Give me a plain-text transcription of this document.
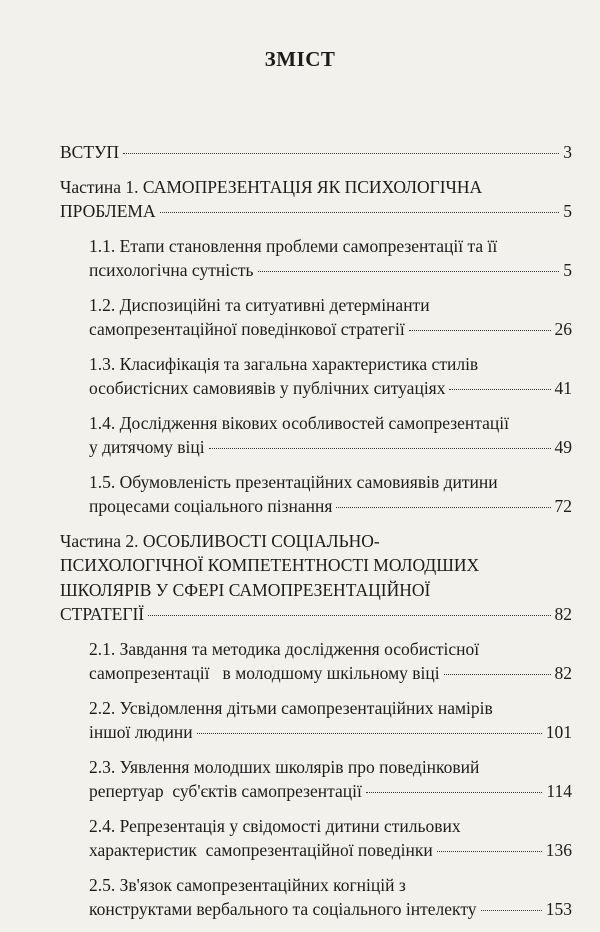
ЗМІСТ
ВСТУП	3
Частина 1. САМОПРЕЗЕНТАЦІЯ ЯК ПСИХОЛОГІЧНА
ПРОБЛЕМА	5
1.1. Етапи становлення проблеми самопрезентації та її
психологічна сутність	5
1.2. Диспозиційні та ситуативні детермінанти
самопрезентаційної поведінкової стратегії	26
1.3. Класифікація та загальна характеристика стилів
особистісних самовиявів у публічних ситуаціях	41
1.4. Дослідження вікових особливостей самопрезентації
у дитячому віці	49
1.5. Обумовленість презентаційних самовиявів дитини
процесами соціального пізнання	72
Частина 2. ОСОБЛИВОСТІ СОЦІАЛЬНО-
ПСИХОЛОГІЧНОЇ КОМПЕТЕНТНОСТІ МОЛОДШИХ
ШКОЛЯРІВ У СФЕРІ САМОПРЕЗЕНТАЦІЙНОЇ
СТРАТЕГІЇ	82
2.1. Завдання та методика дослідження особистісної
самопрезентації   в молодшому шкільному віці	82
2.2. Усвідомлення дітьми самопрезентаційних намірів
іншої людини	101
2.3. Уявлення молодших школярів про поведінковий
репертуар  суб'єктів самопрезентації	114
2.4. Репрезентація у свідомості дитини стильових
характеристик  самопрезентаційної поведінки	136
2.5. Зв'язок самопрезентаційних когніцій з
конструктами вербального та соціального інтелекту	153
